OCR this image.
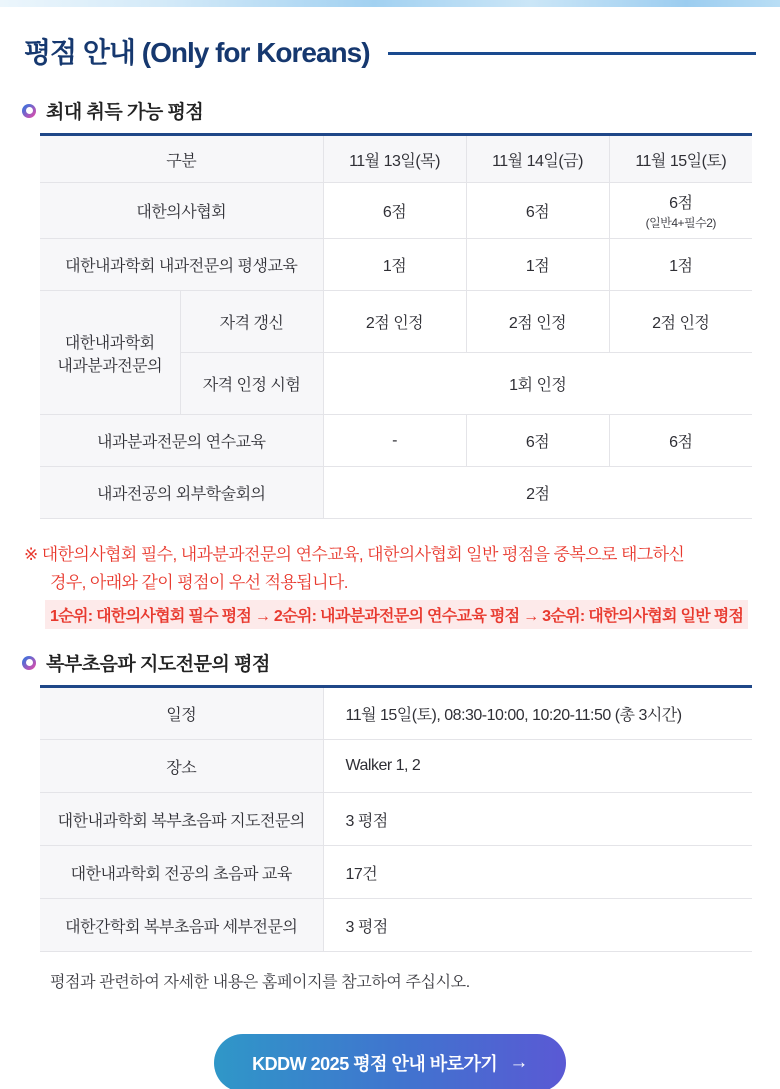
평점 안내 (Only for Koreans)
최대 취득 가능 평점
구분		11월 13일(목)	11월 14일(금)	11월 15일(토)
대한의사협회		6점	6점	6점
(일반4+필수2)

대한내과학회 내과전문의 평생교육		1점	1점	1점
대한내과학회
내과분과전문의	자격 갱신	2점 인정	2점 인정	2점 인정
	자격 인정 시험	1회 인정		
내과분과전문의 연수교육		-	6점	6점
내과전공의 외부학술회의		2점		
※ 대한의사협회 필수, 내과분과전문의 연수교육, 대한의사협회 일반 평점을 중복으로 태그하신
경우, 아래와 같이 평점이 우선 적용됩니다.
1순위: 대한의사협회 필수 평점 → 2순위: 내과분과전문의 연수교육 평점 → 3순위: 대한의사협회 일반 평점
복부초음파 지도전문의 평점
일정	11월 15일(토), 08:30-10:00, 10:20-11:50 (총 3시간)
장소	Walker 1, 2
대한내과학회 복부초음파 지도전문의	3 평점
대한내과학회 전공의 초음파 교육	17건
대한간학회 복부초음파 세부전문의	3 평점
평점과 관련하여 자세한 내용은 홈페이지를 참고하여 주십시오.
KDDW 2025 평점 안내 바로가기 →
